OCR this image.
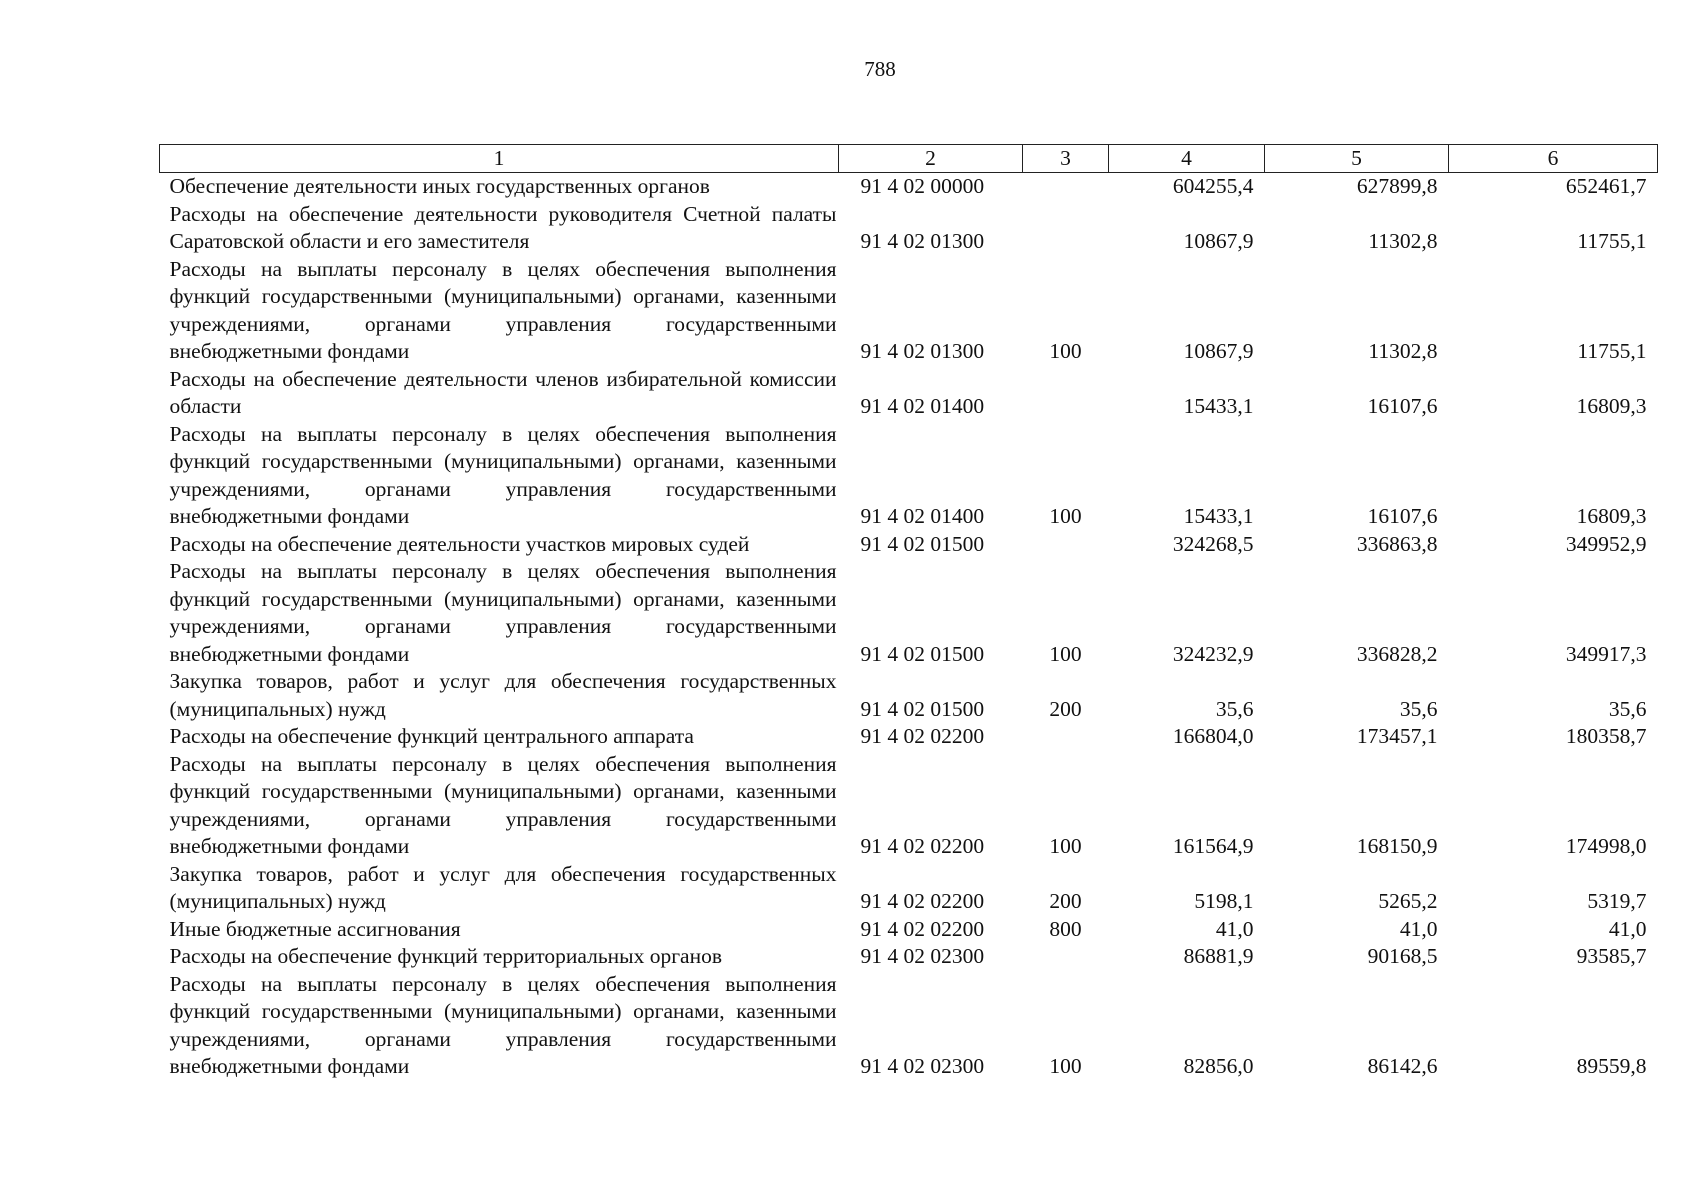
788
1	2	3	4	5	6
Обеспечение деятельности иных государственных органов	91 4 02 00000		604255,4	627899,8	652461,7
Расходы на обеспечение деятельности руководителя Счетной палаты Саратовской области и его заместителя	91 4 02 01300		10867,9	11302,8	11755,1
Расходы на выплаты персоналу в целях обеспечения выполнения функций государственными (муниципальными) органами, казенными учреждениями, органами управления государственными внебюджетными фондами	91 4 02 01300	100	10867,9	11302,8	11755,1
Расходы на обеспечение деятельности членов избирательной комиссии области	91 4 02 01400		15433,1	16107,6	16809,3
Расходы на выплаты персоналу в целях обеспечения выполнения функций государственными (муниципальными) органами, казенными учреждениями, органами управления государственными внебюджетными фондами	91 4 02 01400	100	15433,1	16107,6	16809,3
Расходы на обеспечение деятельности участков мировых судей	91 4 02 01500		324268,5	336863,8	349952,9
Расходы на выплаты персоналу в целях обеспечения выполнения функций государственными (муниципальными) органами, казенными учреждениями, органами управления государственными внебюджетными фондами	91 4 02 01500	100	324232,9	336828,2	349917,3
Закупка товаров, работ и услуг для обеспечения государственных (муниципальных) нужд	91 4 02 01500	200	35,6	35,6	35,6
Расходы на обеспечение функций центрального аппарата	91 4 02 02200		166804,0	173457,1	180358,7
Расходы на выплаты персоналу в целях обеспечения выполнения функций государственными (муниципальными) органами, казенными учреждениями, органами управления государственными внебюджетными фондами	91 4 02 02200	100	161564,9	168150,9	174998,0
Закупка товаров, работ и услуг для обеспечения государственных (муниципальных) нужд	91 4 02 02200	200	5198,1	5265,2	5319,7
Иные бюджетные ассигнования	91 4 02 02200	800	41,0	41,0	41,0
Расходы на обеспечение функций территориальных органов	91 4 02 02300		86881,9	90168,5	93585,7
Расходы на выплаты персоналу в целях обеспечения выполнения функций государственными (муниципальными) органами, казенными учреждениями, органами управления государственными внебюджетными фондами	91 4 02 02300	100	82856,0	86142,6	89559,8
